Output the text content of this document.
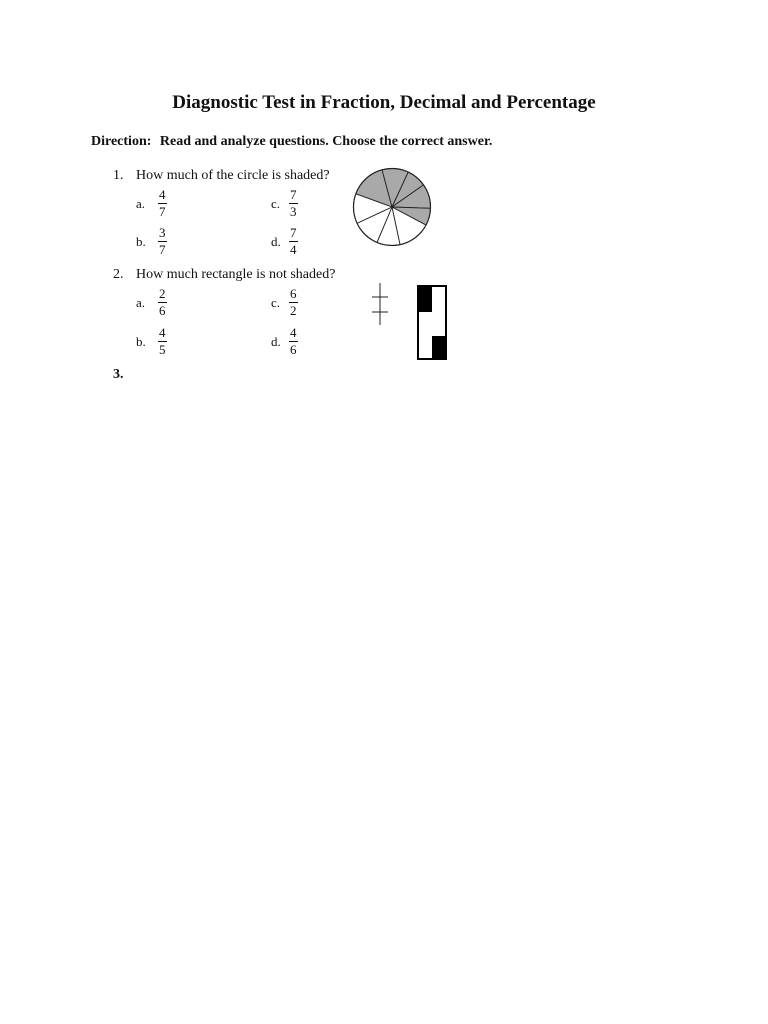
Diagnostic Test in Fraction, Decimal and Percentage
Direction: Read and analyze questions. Choose the correct answer.
1. How much of the circle is shaded?
a. $\frac{4}{7}$	c. $\frac{7}{3}$
b. $\frac{3}{7}$	d. $\frac{7}{4}$
2. How much rectangle is not shaded?
a. $\frac{2}{6}$	c. $\frac{6}{2}$
b. $\frac{4}{5}$	d. $\frac{4}{6}$
3.
